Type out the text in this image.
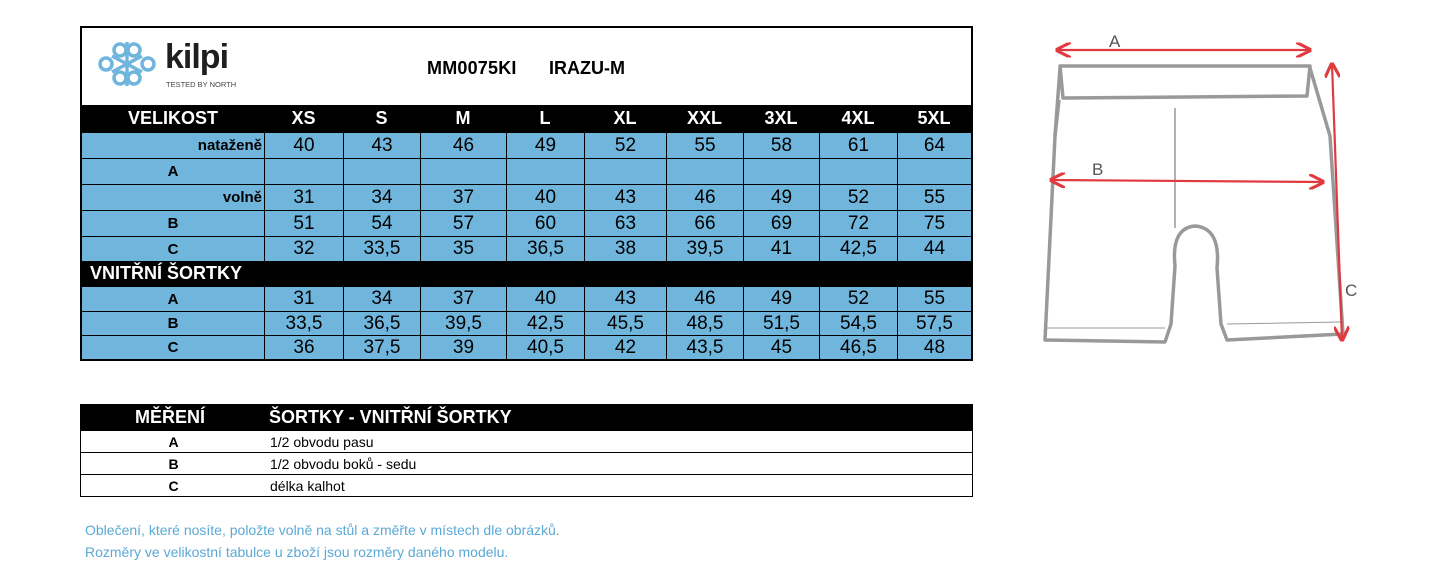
kilpi
TESTED BY NORTH
MM0075KI IRAZU-M
VELIKOST	XS	S	M	L	XL	XXL	3XL	4XL	5XL
nataženě	40	43	46	49	52	55	58	61	64
A
volně	31	34	37	40	43	46	49	52	55
B	51	54	57	60	63	66	69	72	75
C	32	33,5	35	36,5	38	39,5	41	42,5	44
VNITŘNÍ ŠORTKY
A	31	34	37	40	43	46	49	52	55
B	33,5	36,5	39,5	42,5	45,5	48,5	51,5	54,5	57,5
C	36	37,5	39	40,5	42	43,5	45	46,5	48
A
B
C
MĚŘENÍ	ŠORTKY - VNITŘNÍ ŠORTKY
A	1/2 obvodu pasu
B	1/2 obvodu boků - sedu
C	délka kalhot
Oblečení, které nosíte, položte volně na stůl a změřte v místech dle obrázků.
Rozměry ve velikostní tabulce u zboží jsou rozměry daného modelu.
